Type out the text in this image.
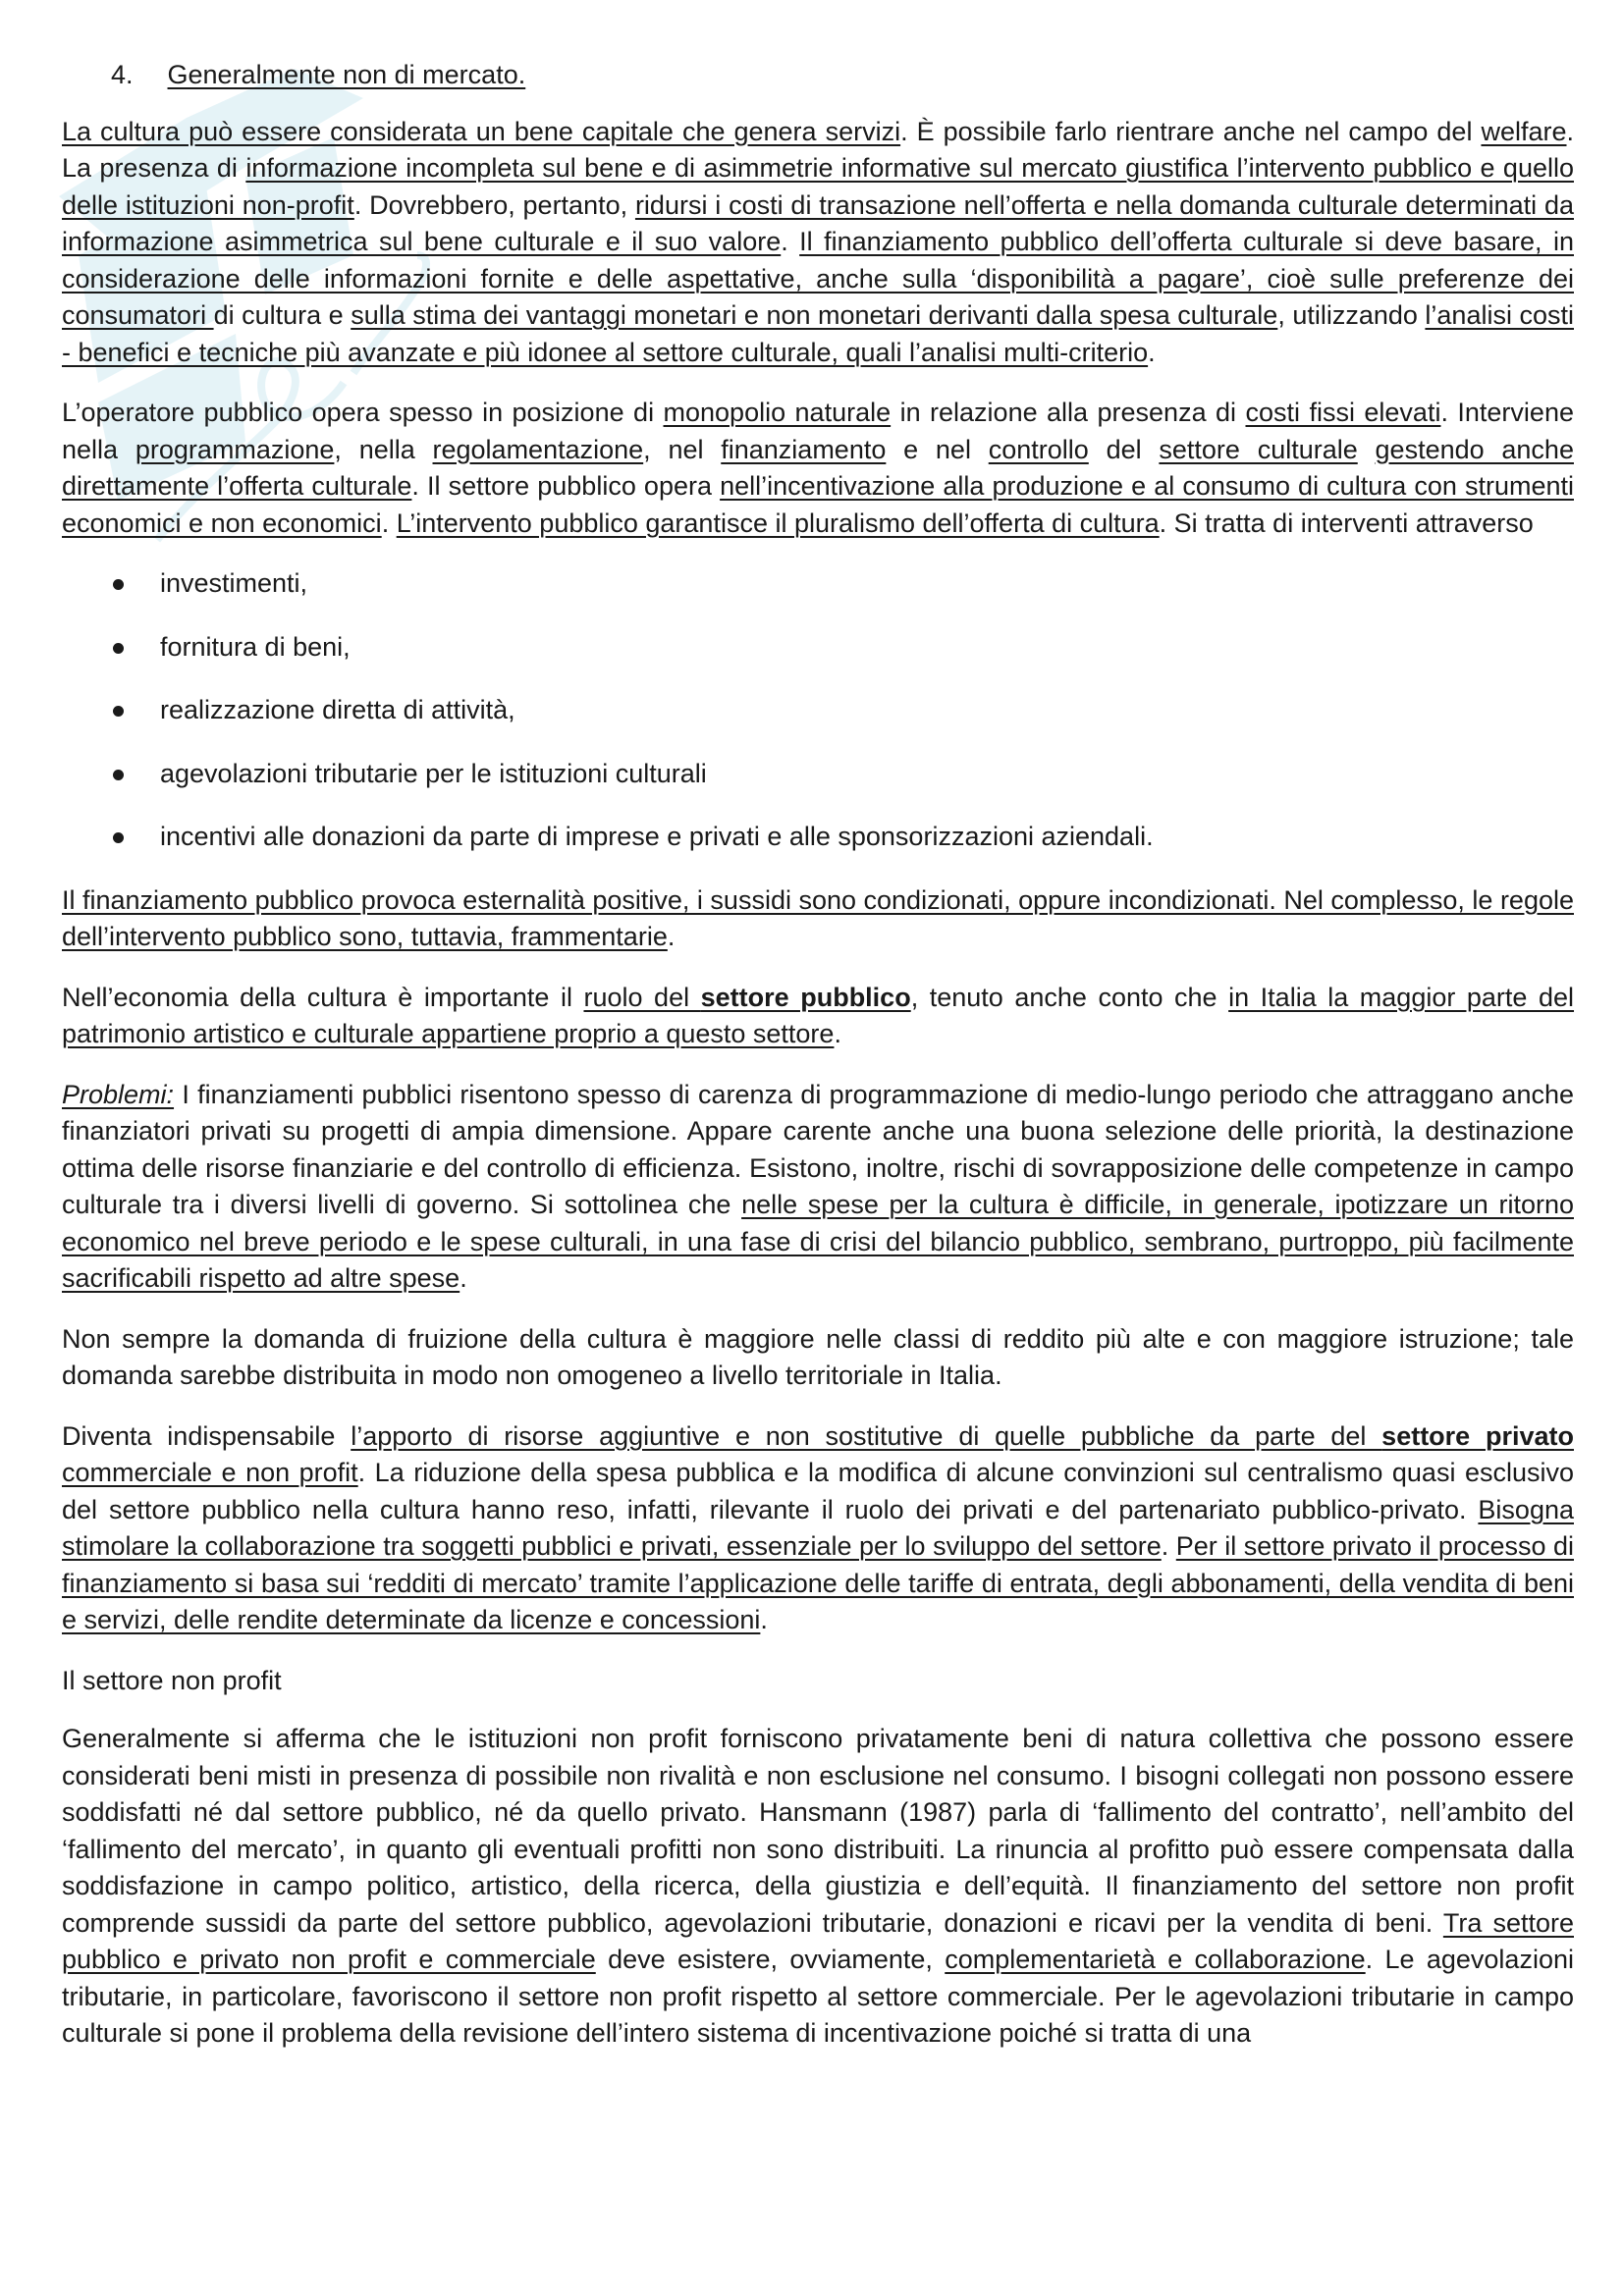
4. Generalmente non di mercato.

La cultura può essere considerata un bene capitale che genera servizi. È possibile farlo rientrare anche nel campo del welfare. La presenza di informazione incompleta sul bene e di asimmetrie informative sul mercato giustifica l’intervento pubblico e quello delle istituzioni non-profit. Dovrebbero, pertanto, ridursi i costi di transazione nell’offerta e nella domanda culturale determinati da informazione asimmetrica sul bene culturale e il suo valore. Il finanziamento pubblico dell’offerta culturale si deve basare, in considerazione delle informazioni fornite e delle aspettative, anche sulla ‘disponibilità a pagare’, cioè sulle preferenze dei consumatori di cultura e sulla stima dei vantaggi monetari e non monetari derivanti dalla spesa culturale, utilizzando l’analisi costi - benefici e tecniche più avanzate e più idonee al settore culturale, quali l’analisi multi-criterio.

L’operatore pubblico opera spesso in posizione di monopolio naturale in relazione alla presenza di costi fissi elevati. Interviene nella programmazione, nella regolamentazione, nel finanziamento e nel controllo del settore culturale gestendo anche direttamente l’offerta culturale. Il settore pubblico opera nell’incentivazione alla produzione e al consumo di cultura con strumenti economici e non economici. L’intervento pubblico garantisce il pluralismo dell’offerta di cultura. Si tratta di interventi attraverso

investimenti,
fornitura di beni,
realizzazione diretta di attività,
agevolazioni tributarie per le istituzioni culturali
incentivi alle donazioni da parte di imprese e privati e alle sponsorizzazioni aziendali.

Il finanziamento pubblico provoca esternalità positive, i sussidi sono condizionati, oppure incondizionati. Nel complesso, le regole dell’intervento pubblico sono, tuttavia, frammentarie.

Nell’economia della cultura è importante il ruolo del settore pubblico, tenuto anche conto che in Italia la maggior parte del patrimonio artistico e culturale appartiene proprio a questo settore.

Problemi: I finanziamenti pubblici risentono spesso di carenza di programmazione di medio-lungo periodo che attraggano anche finanziatori privati su progetti di ampia dimensione. Appare carente anche una buona selezione delle priorità, la destinazione ottima delle risorse finanziarie e del controllo di efficienza. Esistono, inoltre, rischi di sovrapposizione delle competenze in campo culturale tra i diversi livelli di governo. Si sottolinea che nelle spese per la cultura è difficile, in generale, ipotizzare un ritorno economico nel breve periodo e le spese culturali, in una fase di crisi del bilancio pubblico, sembrano, purtroppo, più facilmente sacrificabili rispetto ad altre spese.

Non sempre la domanda di fruizione della cultura è maggiore nelle classi di reddito più alte e con maggiore istruzione; tale domanda sarebbe distribuita in modo non omogeneo a livello territoriale in Italia.

Diventa indispensabile l’apporto di risorse aggiuntive e non sostitutive di quelle pubbliche da parte del settore privato commerciale e non profit. La riduzione della spesa pubblica e la modifica di alcune convinzioni sul centralismo quasi esclusivo del settore pubblico nella cultura hanno reso, infatti, rilevante il ruolo dei privati e del partenariato pubblico-privato. Bisogna stimolare la collaborazione tra soggetti pubblici e privati, essenziale per lo sviluppo del settore. Per il settore privato il processo di finanziamento si basa sui ‘redditi di mercato’ tramite l’applicazione delle tariffe di entrata, degli abbonamenti, della vendita di beni e servizi, delle rendite determinate da licenze e concessioni.

Il settore non profit

Generalmente si afferma che le istituzioni non profit forniscono privatamente beni di natura collettiva che possono essere considerati beni misti in presenza di possibile non rivalità e non esclusione nel consumo. I bisogni collegati non possono essere soddisfatti né dal settore pubblico, né da quello privato. Hansmann (1987) parla di ‘fallimento del contratto’, nell’ambito del ‘fallimento del mercato’, in quanto gli eventuali profitti non sono distribuiti. La rinuncia al profitto può essere compensata dalla soddisfazione in campo politico, artistico, della ricerca, della giustizia e dell’equità. Il finanziamento del settore non profit comprende sussidi da parte del settore pubblico, agevolazioni tributarie, donazioni e ricavi per la vendita di beni. Tra settore pubblico e privato non profit e commerciale deve esistere, ovviamente, complementarietà e collaborazione. Le agevolazioni tributarie, in particolare, favoriscono il settore non profit rispetto al settore commerciale. Per le agevolazioni tributarie in campo culturale si pone il problema della revisione dell’intero sistema di incentivazione poiché si tratta di una
